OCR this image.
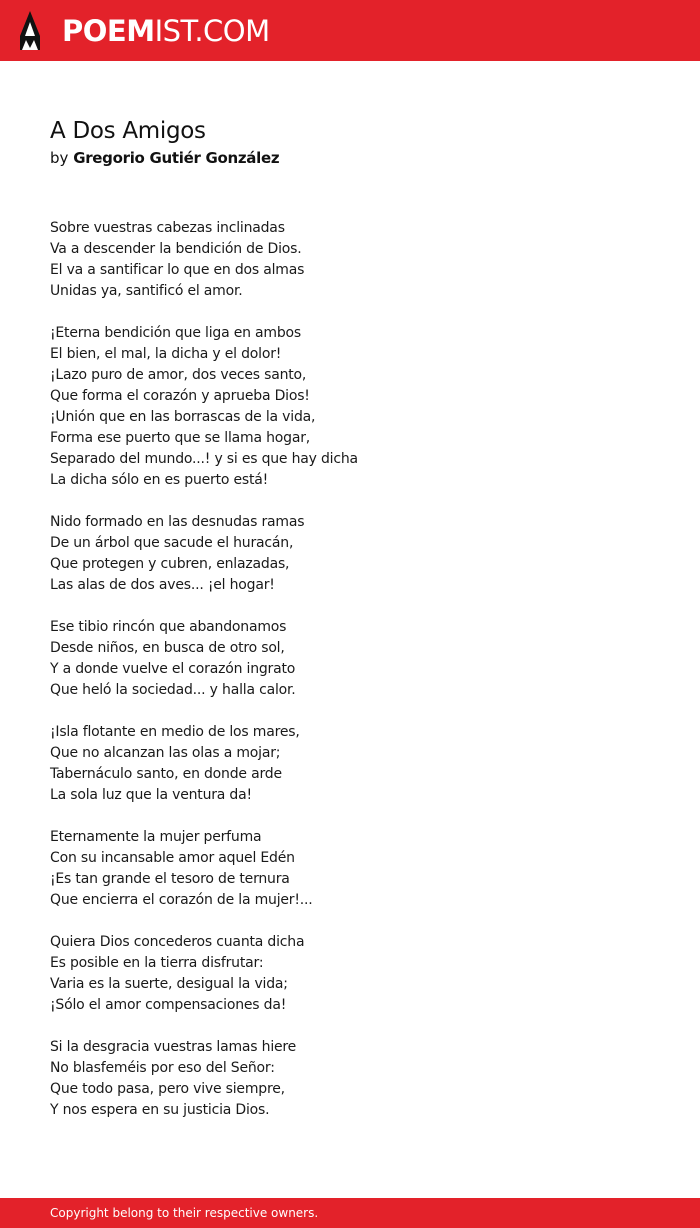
POEMIST.COM
A Dos Amigos
by Gregorio Gutiér González
Sobre vuestras cabezas inclinadas
Va a descender la bendición de Dios.
El va a santificar lo que en dos almas
Unidas ya, santificó el amor.
¡Eterna bendición que liga en ambos
El bien, el mal, la dicha y el dolor!
¡Lazo puro de amor, dos veces santo,
Que forma el corazón y aprueba Dios!
¡Unión que en las borrascas de la vida,
Forma ese puerto que se llama hogar,
Separado del mundo...! y si es que hay dicha
La dicha sólo en es puerto está!
Nido formado en las desnudas ramas
De un árbol que sacude el huracán,
Que protegen y cubren, enlazadas,
Las alas de dos aves... ¡el hogar!
Ese tibio rincón que abandonamos
Desde niños, en busca de otro sol,
Y a donde vuelve el corazón ingrato
Que heló la sociedad... y halla calor.
¡Isla flotante en medio de los mares,
Que no alcanzan las olas a mojar;
Tabernáculo santo, en donde arde
La sola luz que la ventura da!
Eternamente la mujer perfuma
Con su incansable amor aquel Edén
¡Es tan grande el tesoro de ternura
Que encierra el corazón de la mujer!...
Quiera Dios concederos cuanta dicha
Es posible en la tierra disfrutar:
Varia es la suerte, desigual la vida;
¡Sólo el amor compensaciones da!
Si la desgracia vuestras lamas hiere
No blasfeméis por eso del Señor:
Que todo pasa, pero vive siempre,
Y nos espera en su justicia Dios.
Copyright belong to their respective owners.
